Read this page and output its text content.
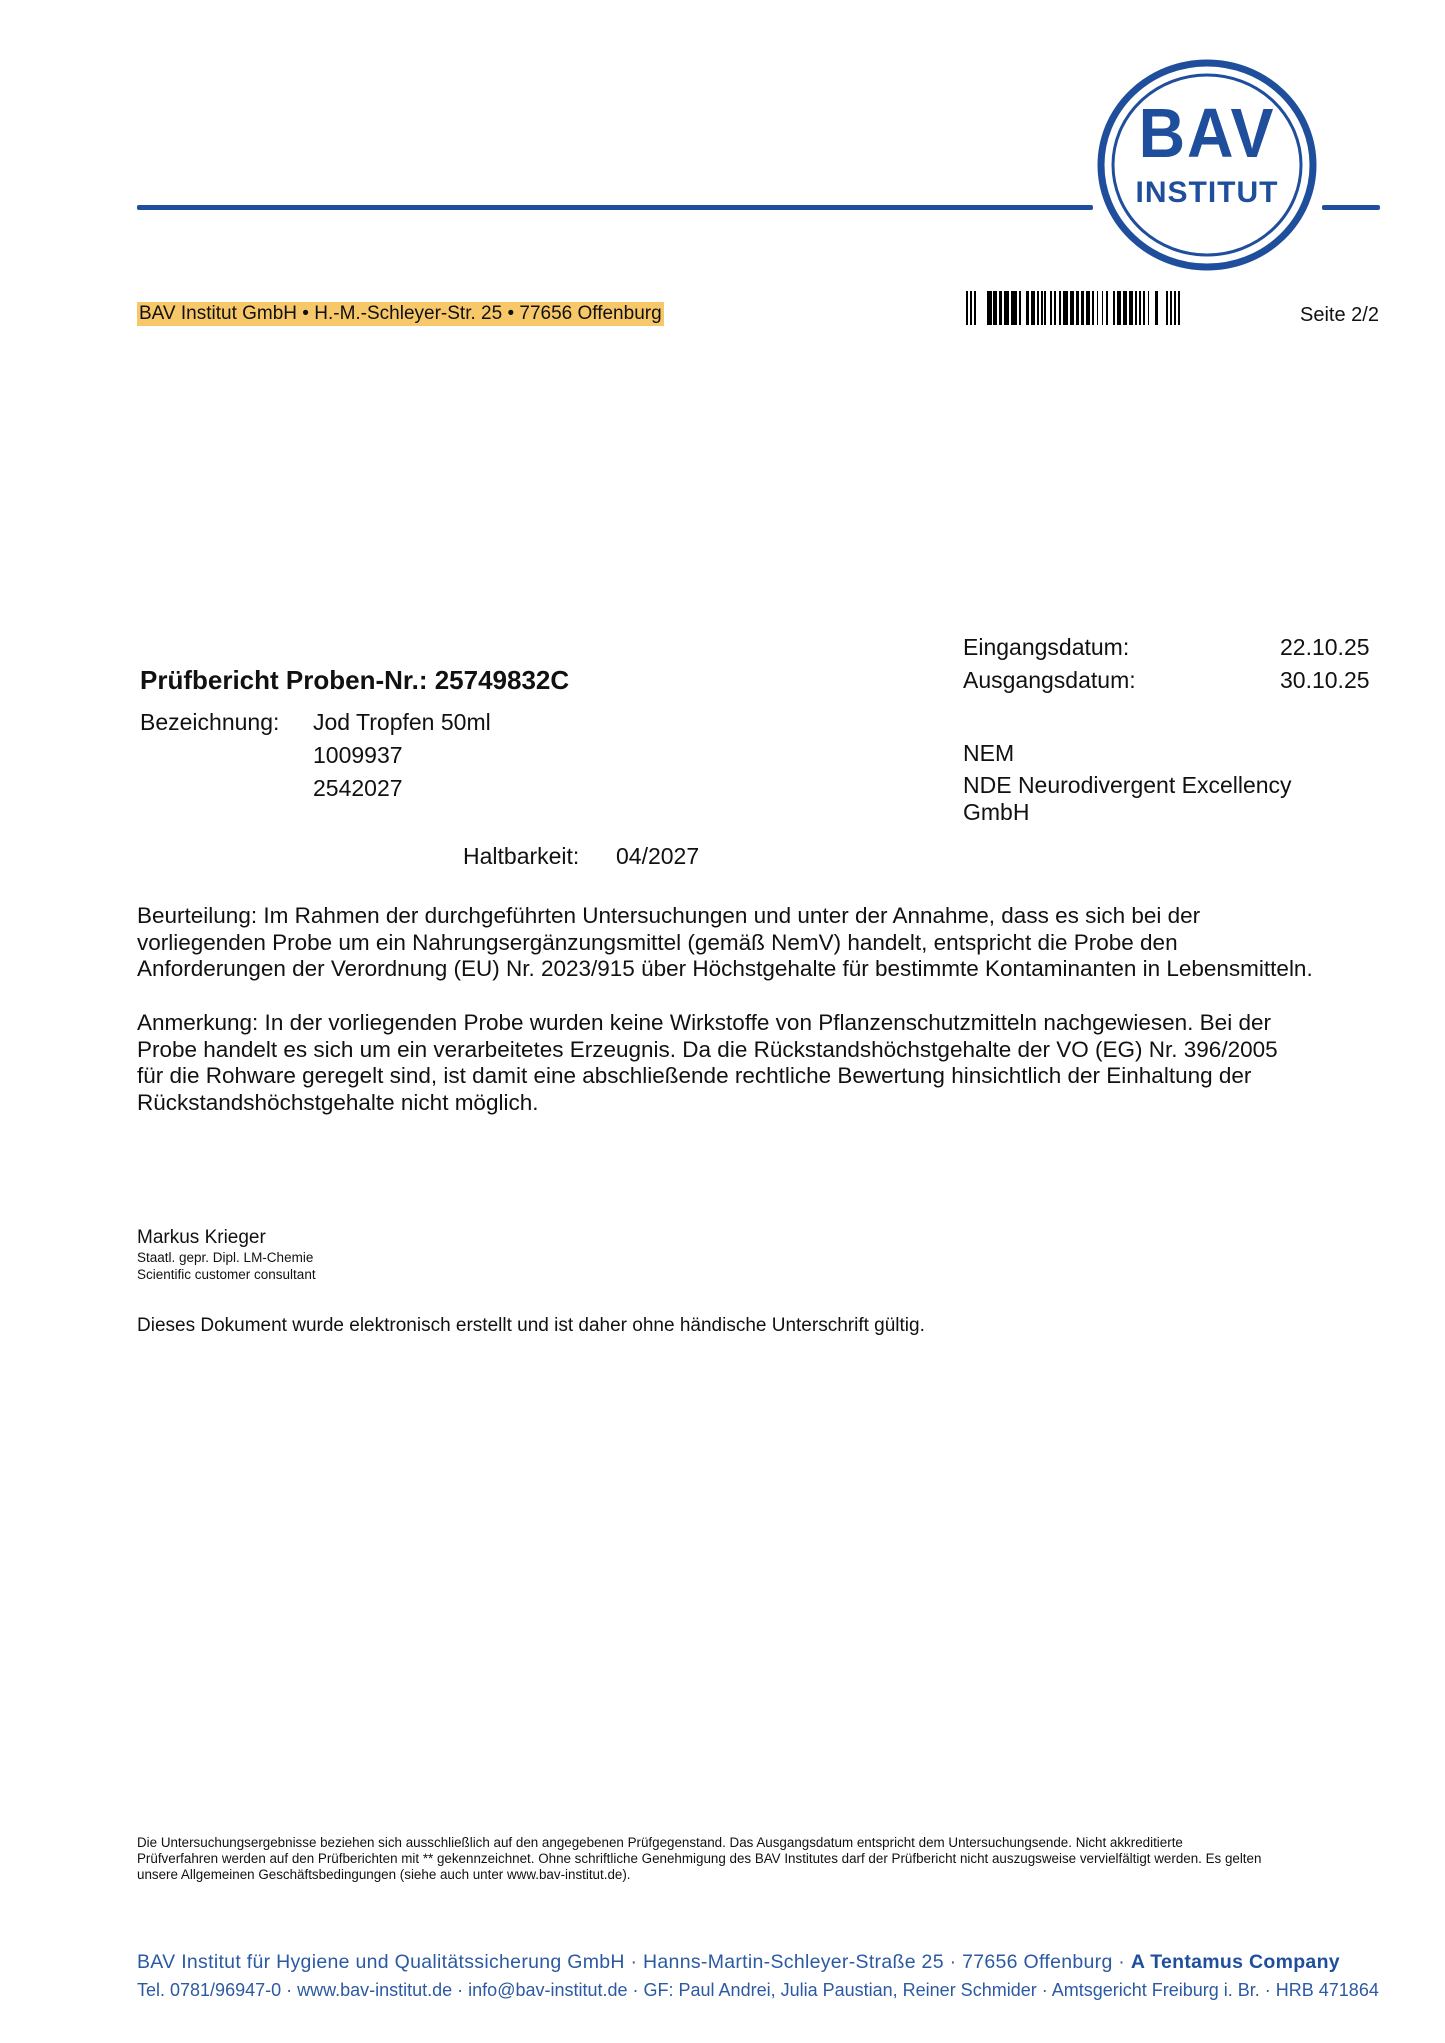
BAV
INSTITUT
BAV Institut GmbH • H.-M.-Schleyer-Str. 25 • 77656 Offenburg	Seite 2/2
Prüfbericht Proben-Nr.: 25749832C
Bezeichnung: Jod Tropfen 50ml
1009937
2542027
Haltbarkeit: 04/2027
Eingangsdatum:	22.10.25
Ausgangsdatum:	30.10.25
NEM
NDE Neurodivergent Excellency
GmbH
Beurteilung: Im Rahmen der durchgeführten Untersuchungen und unter der Annahme, dass es sich bei der
vorliegenden Probe um ein Nahrungsergänzungsmittel (gemäß NemV) handelt, entspricht die Probe den
Anforderungen der Verordnung (EU) Nr. 2023/915 über Höchstgehalte für bestimmte Kontaminanten in Lebensmitteln.
Anmerkung: In der vorliegenden Probe wurden keine Wirkstoffe von Pflanzenschutzmitteln nachgewiesen. Bei der
Probe handelt es sich um ein verarbeitetes Erzeugnis. Da die Rückstandshöchstgehalte der VO (EG) Nr. 396/2005
für die Rohware geregelt sind, ist damit eine abschließende rechtliche Bewertung hinsichtlich der Einhaltung der
Rückstandshöchstgehalte nicht möglich.
Markus Krieger
Staatl. gepr. Dipl. LM-Chemie
Scientific customer consultant
Dieses Dokument wurde elektronisch erstellt und ist daher ohne händische Unterschrift gültig.
Die Untersuchungsergebnisse beziehen sich ausschließlich auf den angegebenen Prüfgegenstand. Das Ausgangsdatum entspricht dem Untersuchungsende. Nicht akkreditierte
Prüfverfahren werden auf den Prüfberichten mit ** gekennzeichnet. Ohne schriftliche Genehmigung des BAV Institutes darf der Prüfbericht nicht auszugsweise vervielfältigt werden. Es gelten
unsere Allgemeinen Geschäftsbedingungen (siehe auch unter www.bav-institut.de).
BAV Institut für Hygiene und Qualitätssicherung GmbH · Hanns-Martin-Schleyer-Straße 25 · 77656 Offenburg · A Tentamus Company
Tel. 0781/96947-0 · www.bav-institut.de · info@bav-institut.de · GF: Paul Andrei, Julia Paustian, Reiner Schmider · Amtsgericht Freiburg i. Br. · HRB 471864
